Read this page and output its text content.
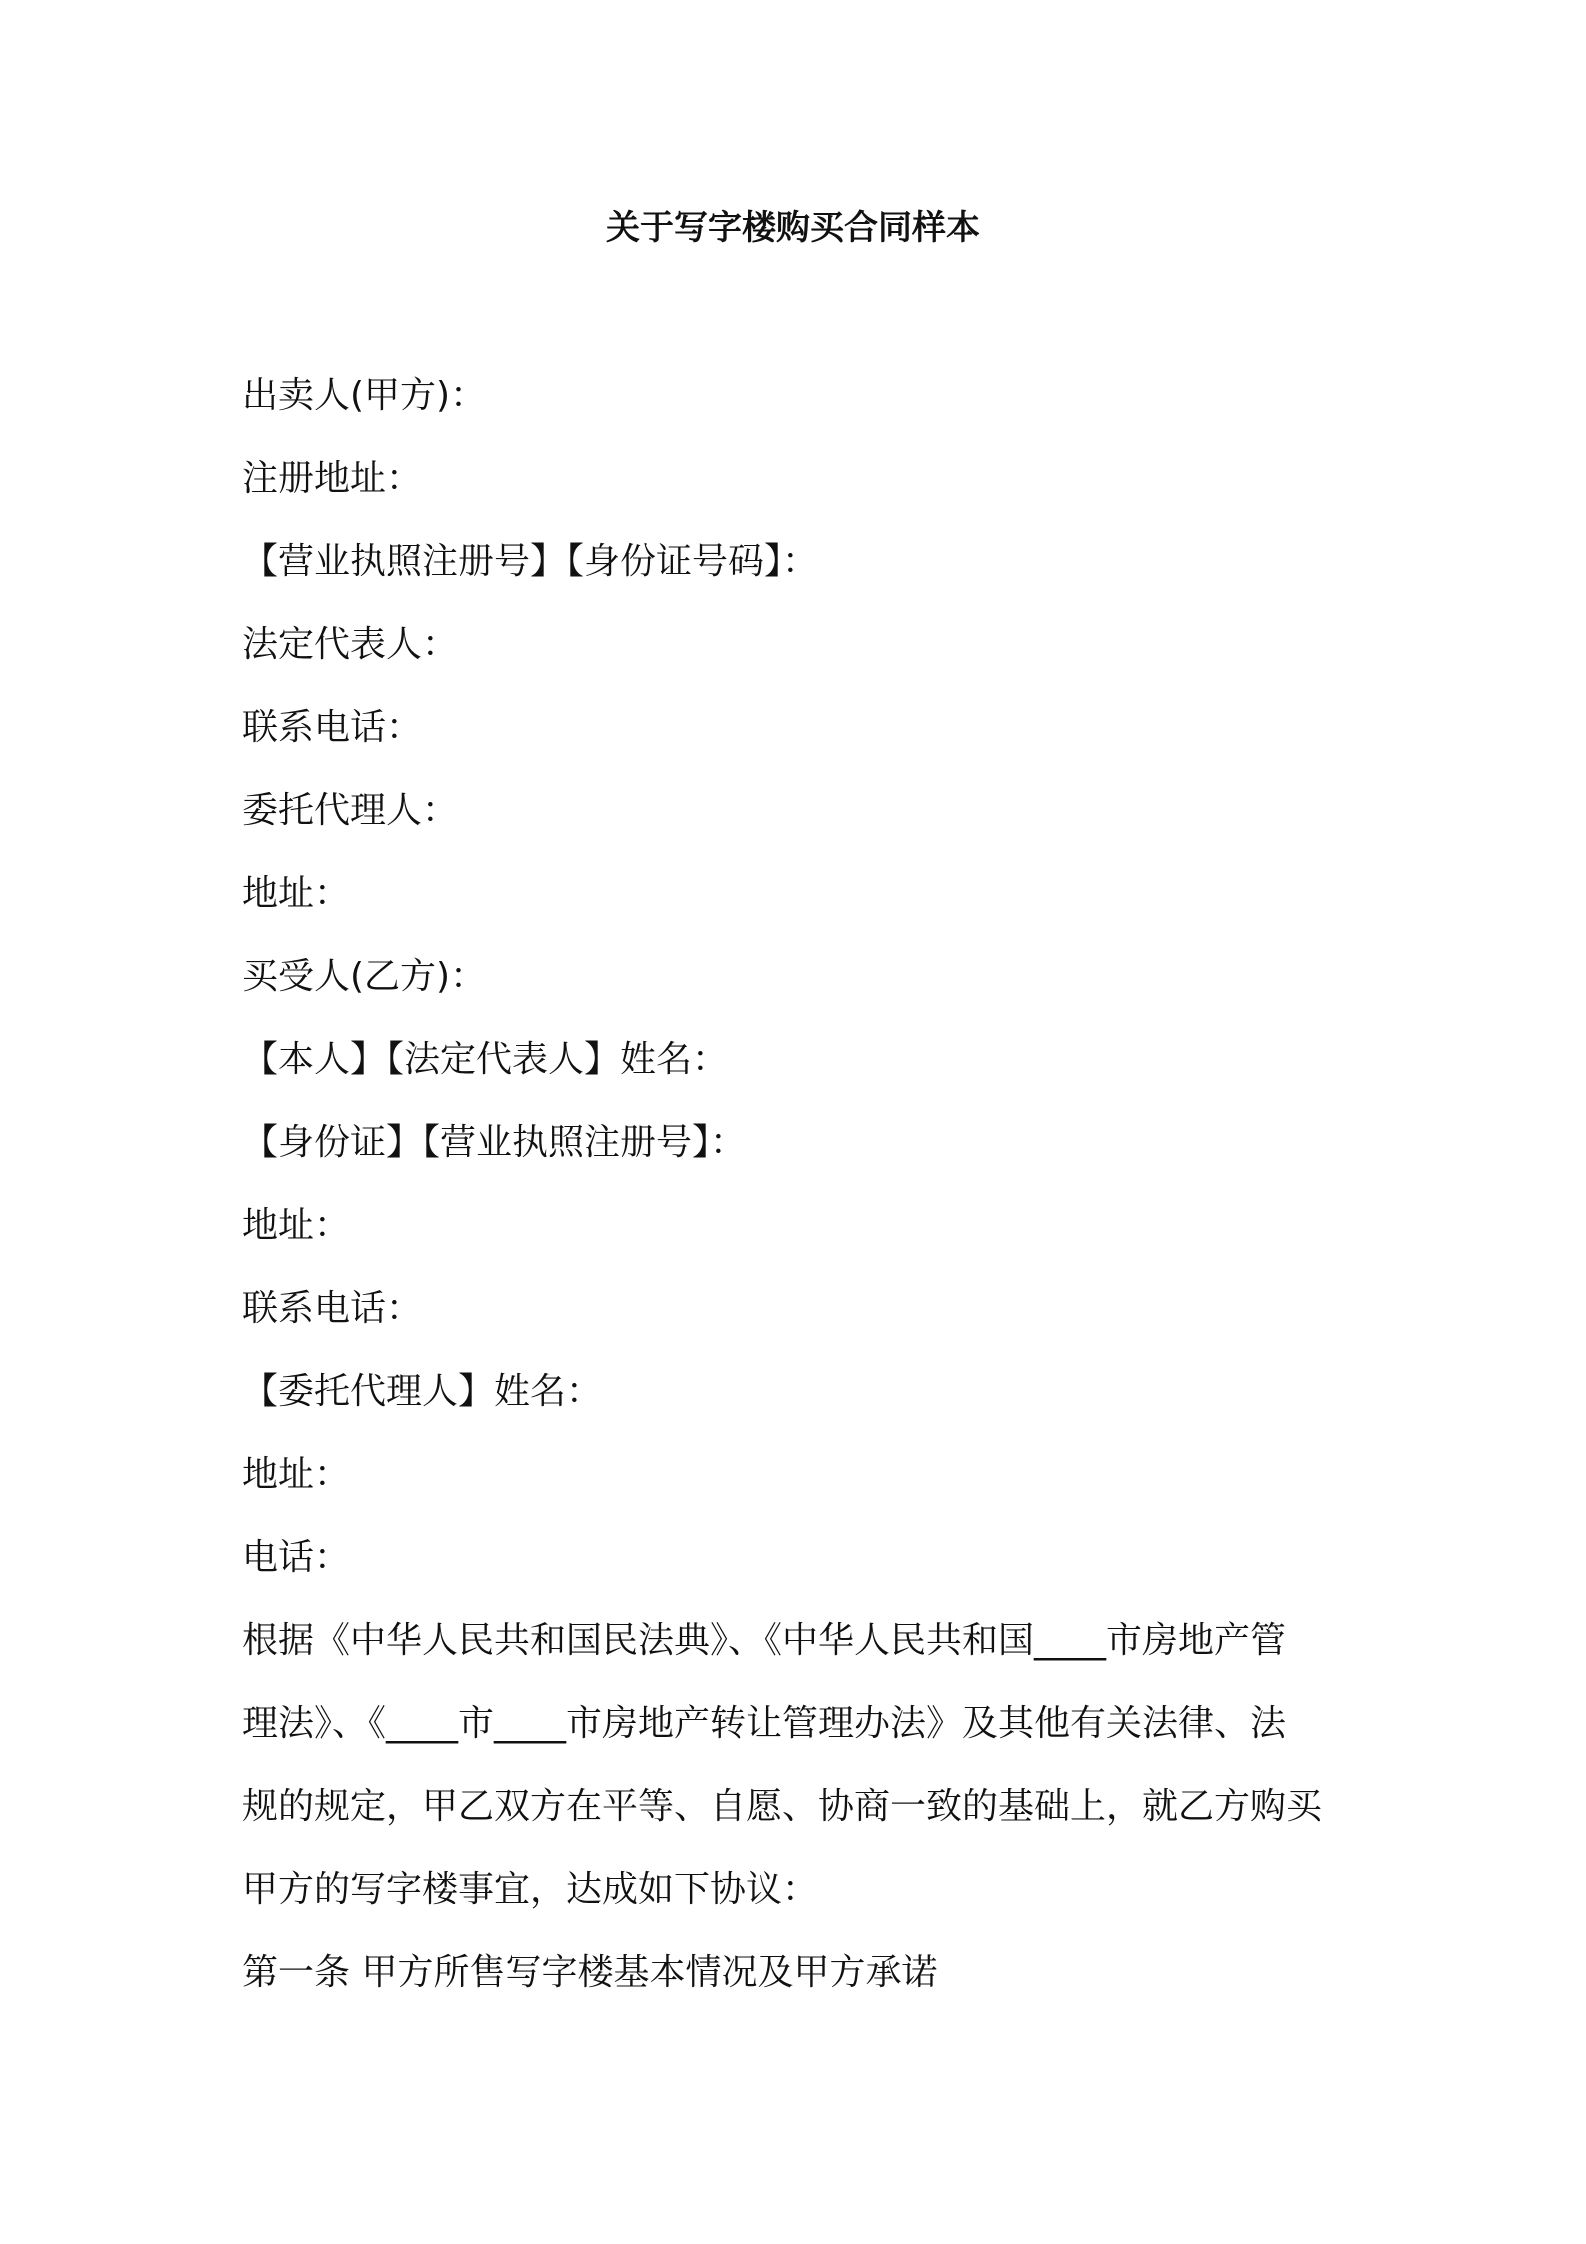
关于写字楼购买合同样本
出卖人(甲方)：
注册地址：
【营业执照注册号】【身份证号码】：
法定代表人：
联系电话：
委托代理人：
地址：
买受人(乙方)：
【本人】【法定代表人】姓名：
【身份证】【营业执照注册号】：
地址：
联系电话：
【委托代理人】姓名：
地址：
电话：
根据《中华人民共和国民法典》、《中华人民共和国____市房地产管
理法》、《____市____市房地产转让管理办法》及其他有关法律、法
规的规定，甲乙双方在平等、自愿、协商一致的基础上，就乙方购买
甲方的写字楼事宜，达成如下协议：
第一条 甲方所售写字楼基本情况及甲方承诺
